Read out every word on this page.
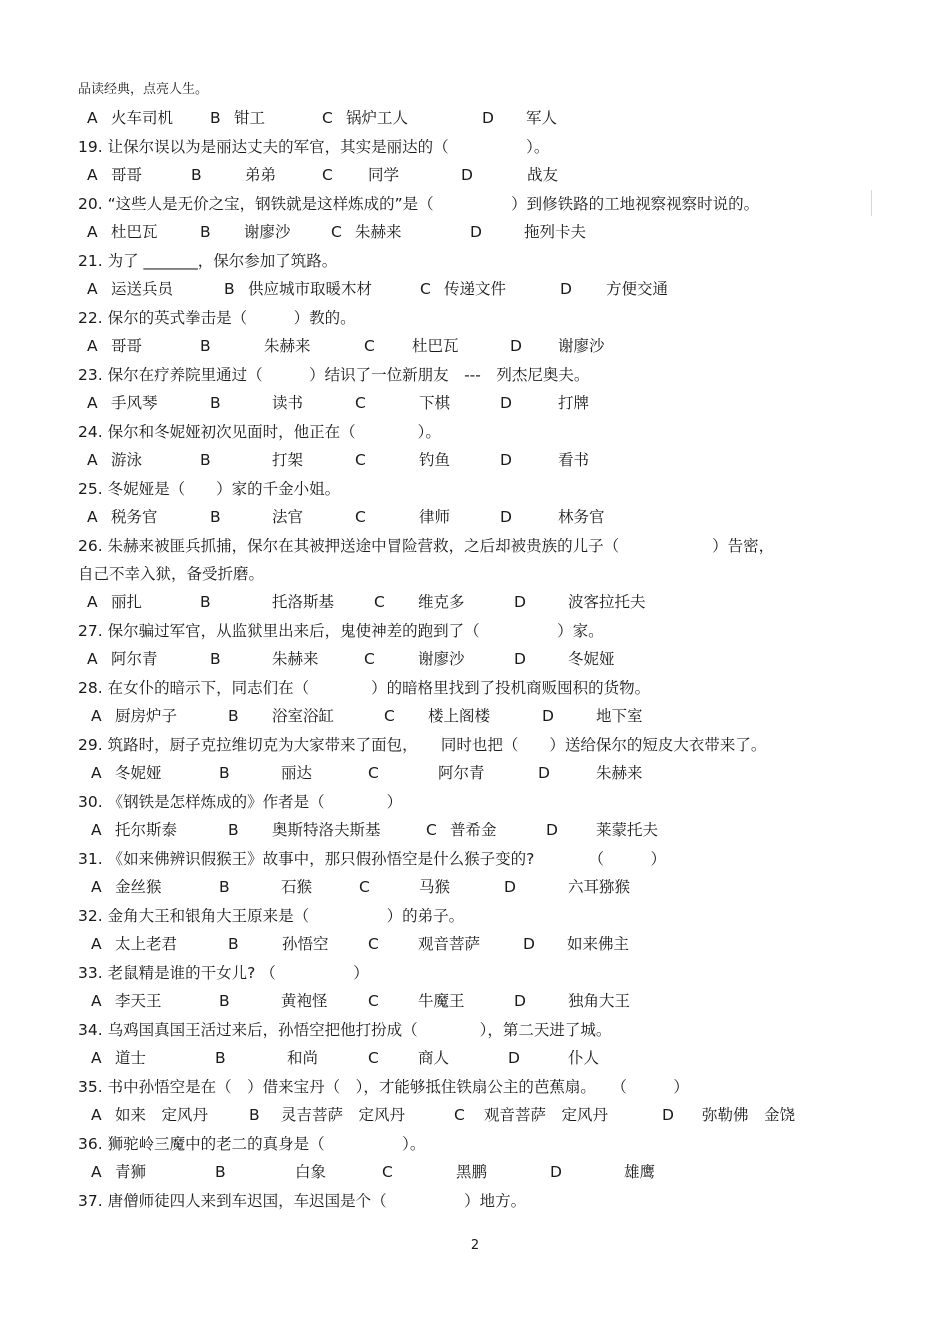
品读经典，点亮人生。
A 火车司机 B 钳工	C 锅炉工人	D 军人
19. 让保尔误以为是丽达丈夫的军官，其实是丽达的（　　　　　）。
A 哥哥	B	弟弟	C 同学	D	战友
20. “这些人是无价之宝，钢铁就是这样炼成的”是（　　　　　）到修铁路的工地视察视察时说的。
A 杜巴瓦	B 谢廖沙	C 朱赫来	D	拖列卡夫
21. 为了 _______，保尔参加了筑路。
A 运送兵员	B 供应城市取暖木材	C 传递文件	D 方便交通
22. 保尔的英式拳击是（　　　）教的。
A 哥哥	B	朱赫来	C 杜巴瓦	D 谢廖沙
23. 保尔在疗养院里通过（　　　）结识了一位新朋友　---　列杰尼奥夫。
A 手风琴	B	读书	C	下棋	D	打牌
24. 保尔和冬妮娅初次见面时，他正在（　　　　）。
A 游泳	B	打架	C	钓鱼	D	看书
25. 冬妮娅是（　　）家的千金小姐。
A 税务官	B	法官	C	律师	D	林务官
26. 朱赫来被匪兵抓捕，保尔在其被押送途中冒险营救，之后却被贵族的儿子（　　　　　　）告密，
自己不幸入狱，备受折磨。
A 丽扎	B	托洛斯基	C 维克多	D	波客拉托夫
27. 保尔骗过军官，从监狱里出来后，鬼使神差的跑到了（　　　　　）家。
A 阿尔青	B	朱赫来	C	谢廖沙	D	冬妮娅
28. 在女仆的暗示下，同志们在（　　　　）的暗格里找到了投机商贩囤积的货物。
A 厨房炉子	B 浴室浴缸	C 楼上阁楼	D	地下室
29. 筑路时，厨子克拉维切克为大家带来了面包，　　同时也把（　　）送给保尔的短皮大衣带来了。
A 冬妮娅	B	丽达	C	阿尔青	D	朱赫来
30. 《钢铁是怎样炼成的》作者是（　　　　）
A 托尔斯泰	B 奥斯特洛夫斯基	C 普希金	D 莱蒙托夫
31. 《如来佛辨识假猴王》故事中，那只假孙悟空是什么猴子变的?　　　　（　　　）
A 金丝猴	B	石猴	C	马猴	D	六耳猕猴
32. 金角大王和银角大王原来是（　　　　　）的弟子。
A 太上老君	B	孙悟空	C	观音菩萨	D 如来佛主
33. 老鼠精是谁的干女儿? （　　　　　）
A 李天王	B	黄袍怪	C	牛魔王	D	独角大王
34. 乌鸡国真国王活过来后，孙悟空把他打扮成（　　　　），第二天进了城。
A 道士	B	和尚	C	商人	D	仆人
35. 书中孙悟空是在（　）借来宝丹（　），才能够抵住铁扇公主的芭蕉扇。　　（　　　）
A 如来　定风丹	B 灵吉菩萨　定风丹	C 观音菩萨　定风丹	D 弥勒佛　金饶
36. 狮驼岭三魔中的老二的真身是（　　　　　）。
A 青狮	B	白象	C	黑鹏	D	雄鹰
37. 唐僧师徒四人来到车迟国，车迟国是个（　　　　　）地方。
2
